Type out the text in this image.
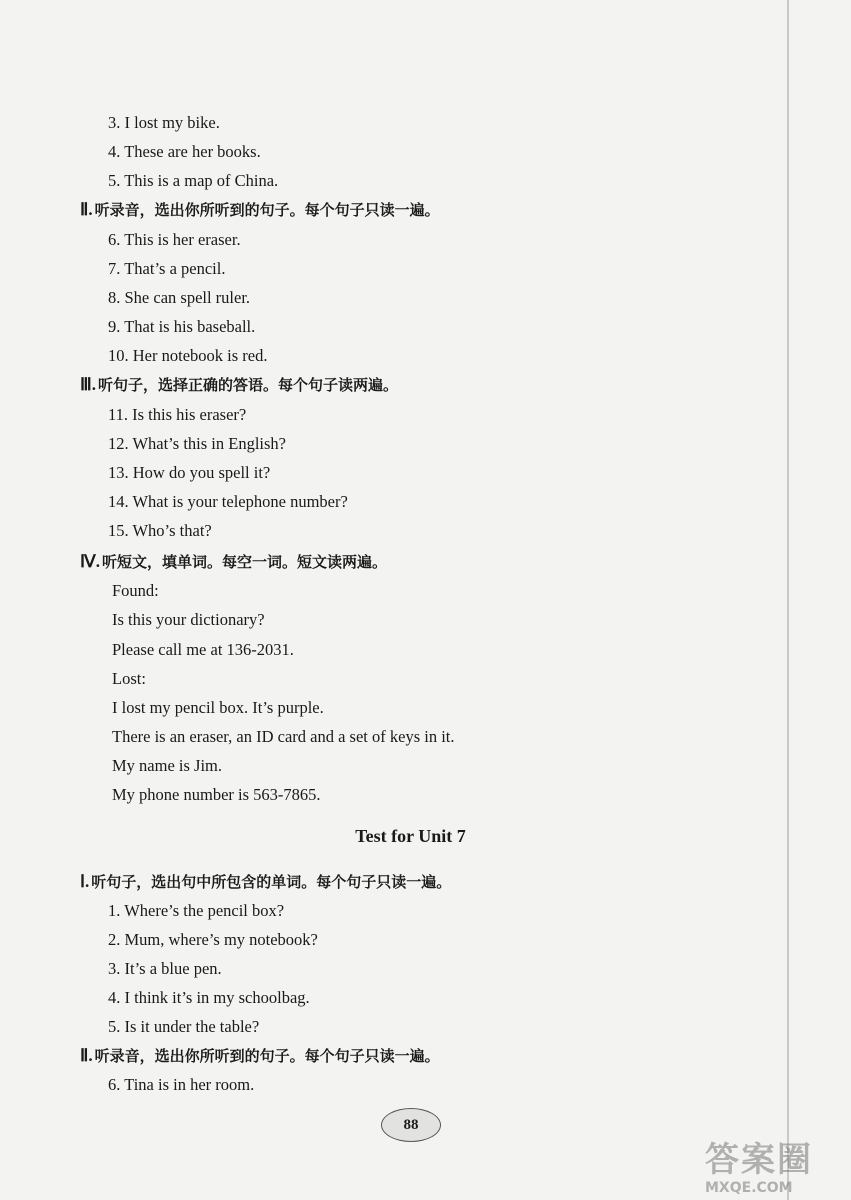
3. I lost my bike.
4. These are her books.
5. This is a map of China.
Ⅱ. 听录音，选出你所听到的句子。每个句子只读一遍。
6. This is her eraser.
7. That’s a pencil.
8. She can spell ruler.
9. That is his baseball.
10. Her notebook is red.
Ⅲ. 听句子，选择正确的答语。每个句子读两遍。
11. Is this his eraser?
12. What’s this in English?
13. How do you spell it?
14. What is your telephone number?
15. Who’s that?
Ⅳ. 听短文，填单词。每空一词。短文读两遍。
Found:
Is this your dictionary?
Please call me at 136-2031.
Lost:
I lost my pencil box. It’s purple.
There is an eraser, an ID card and a set of keys in it.
My name is Jim.
My phone number is 563-7865.
Test for Unit 7
Ⅰ. 听句子，选出句中所包含的单词。每个句子只读一遍。
1. Where’s the pencil box?
2. Mum, where’s my notebook?
3. It’s a blue pen.
4. I think it’s in my schoolbag.
5. Is it under the table?
Ⅱ. 听录音，选出你所听到的句子。每个句子只读一遍。
6. Tina is in her room.
88
答案圈
MXQE.COM
